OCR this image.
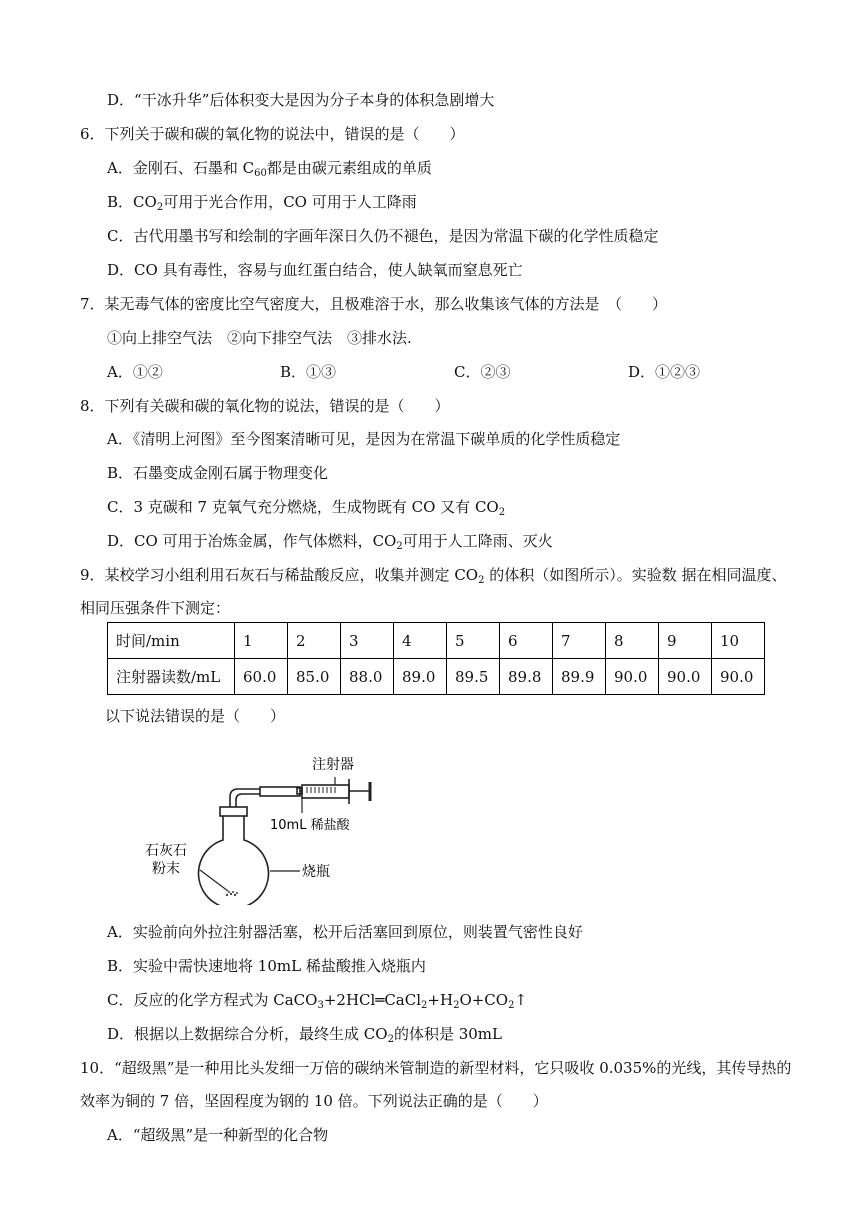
D．“干冰升华”后体积变大是因为分子本身的体积急剧增大
6．下列关于碳和碳的氧化物的说法中，错误的是（　　）
A．金刚石、石墨和 $C_{60}$都是由碳元素组成的单质
B．$CO_2$可用于光合作用，CO 可用于人工降雨
C．古代用墨书写和绘制的字画年深日久仍不褪色，是因为常温下碳的化学性质稳定
D．CO 具有毒性，容易与血红蛋白结合，使人缺氧而窒息死亡
7．某无毒气体的密度比空气密度大，且极难溶于水，那么收集该气体的方法是　（　　）
①向上排空气法　②向下排空气法　③排水法.
A．①②	B．①③	C．②③	D．①②③
8．下列有关碳和碳的氧化物的说法，错误的是（　　）
A．《清明上河图》至今图案清晰可见，是因为在常温下碳单质的化学性质稳定
B．石墨变成金刚石属于物理变化
C．3 克碳和 7 克氧气充分燃烧，生成物既有 CO 又有 $CO_2$
D．CO 可用于冶炼金属，作气体燃料，$CO_2$可用于人工降雨、灭火
9．某校学习小组利用石灰石与稀盐酸反应，收集并测定 $CO_2$ 的体积（如图所示）。实验数 据在相同温度、
相同压强条件下测定：
时间/min	1	2	3	4	5	6	7	8	9	10
注射器读数/mL	60.0	85.0	88.0	89.0	89.5	89.8	89.9	90.0	90.0	90.0
以下说法错误的是（　　）
注射器
10mL 稀盐酸
石灰石
粉末	烧瓶
A．实验前向外拉注射器活塞，松开后活塞回到原位，则装置气密性良好
B．实验中需快速地将 10mL 稀盐酸推入烧瓶内
C．反应的化学方程式为 $CaCO_3+2HCl═CaCl_2+H_2O+CO_2↑$
D．根据以上数据综合分析，最终生成 $CO_2$的体积是 30mL
10．“超级黑”是一种用比头发细一万倍的碳纳米管制造的新型材料，它只吸收 0.035%的光线，其传导热的
效率为铜的 7 倍，坚固程度为钢的 10 倍。下列说法正确的是（　　）
A．“超级黑”是一种新型的化合物
